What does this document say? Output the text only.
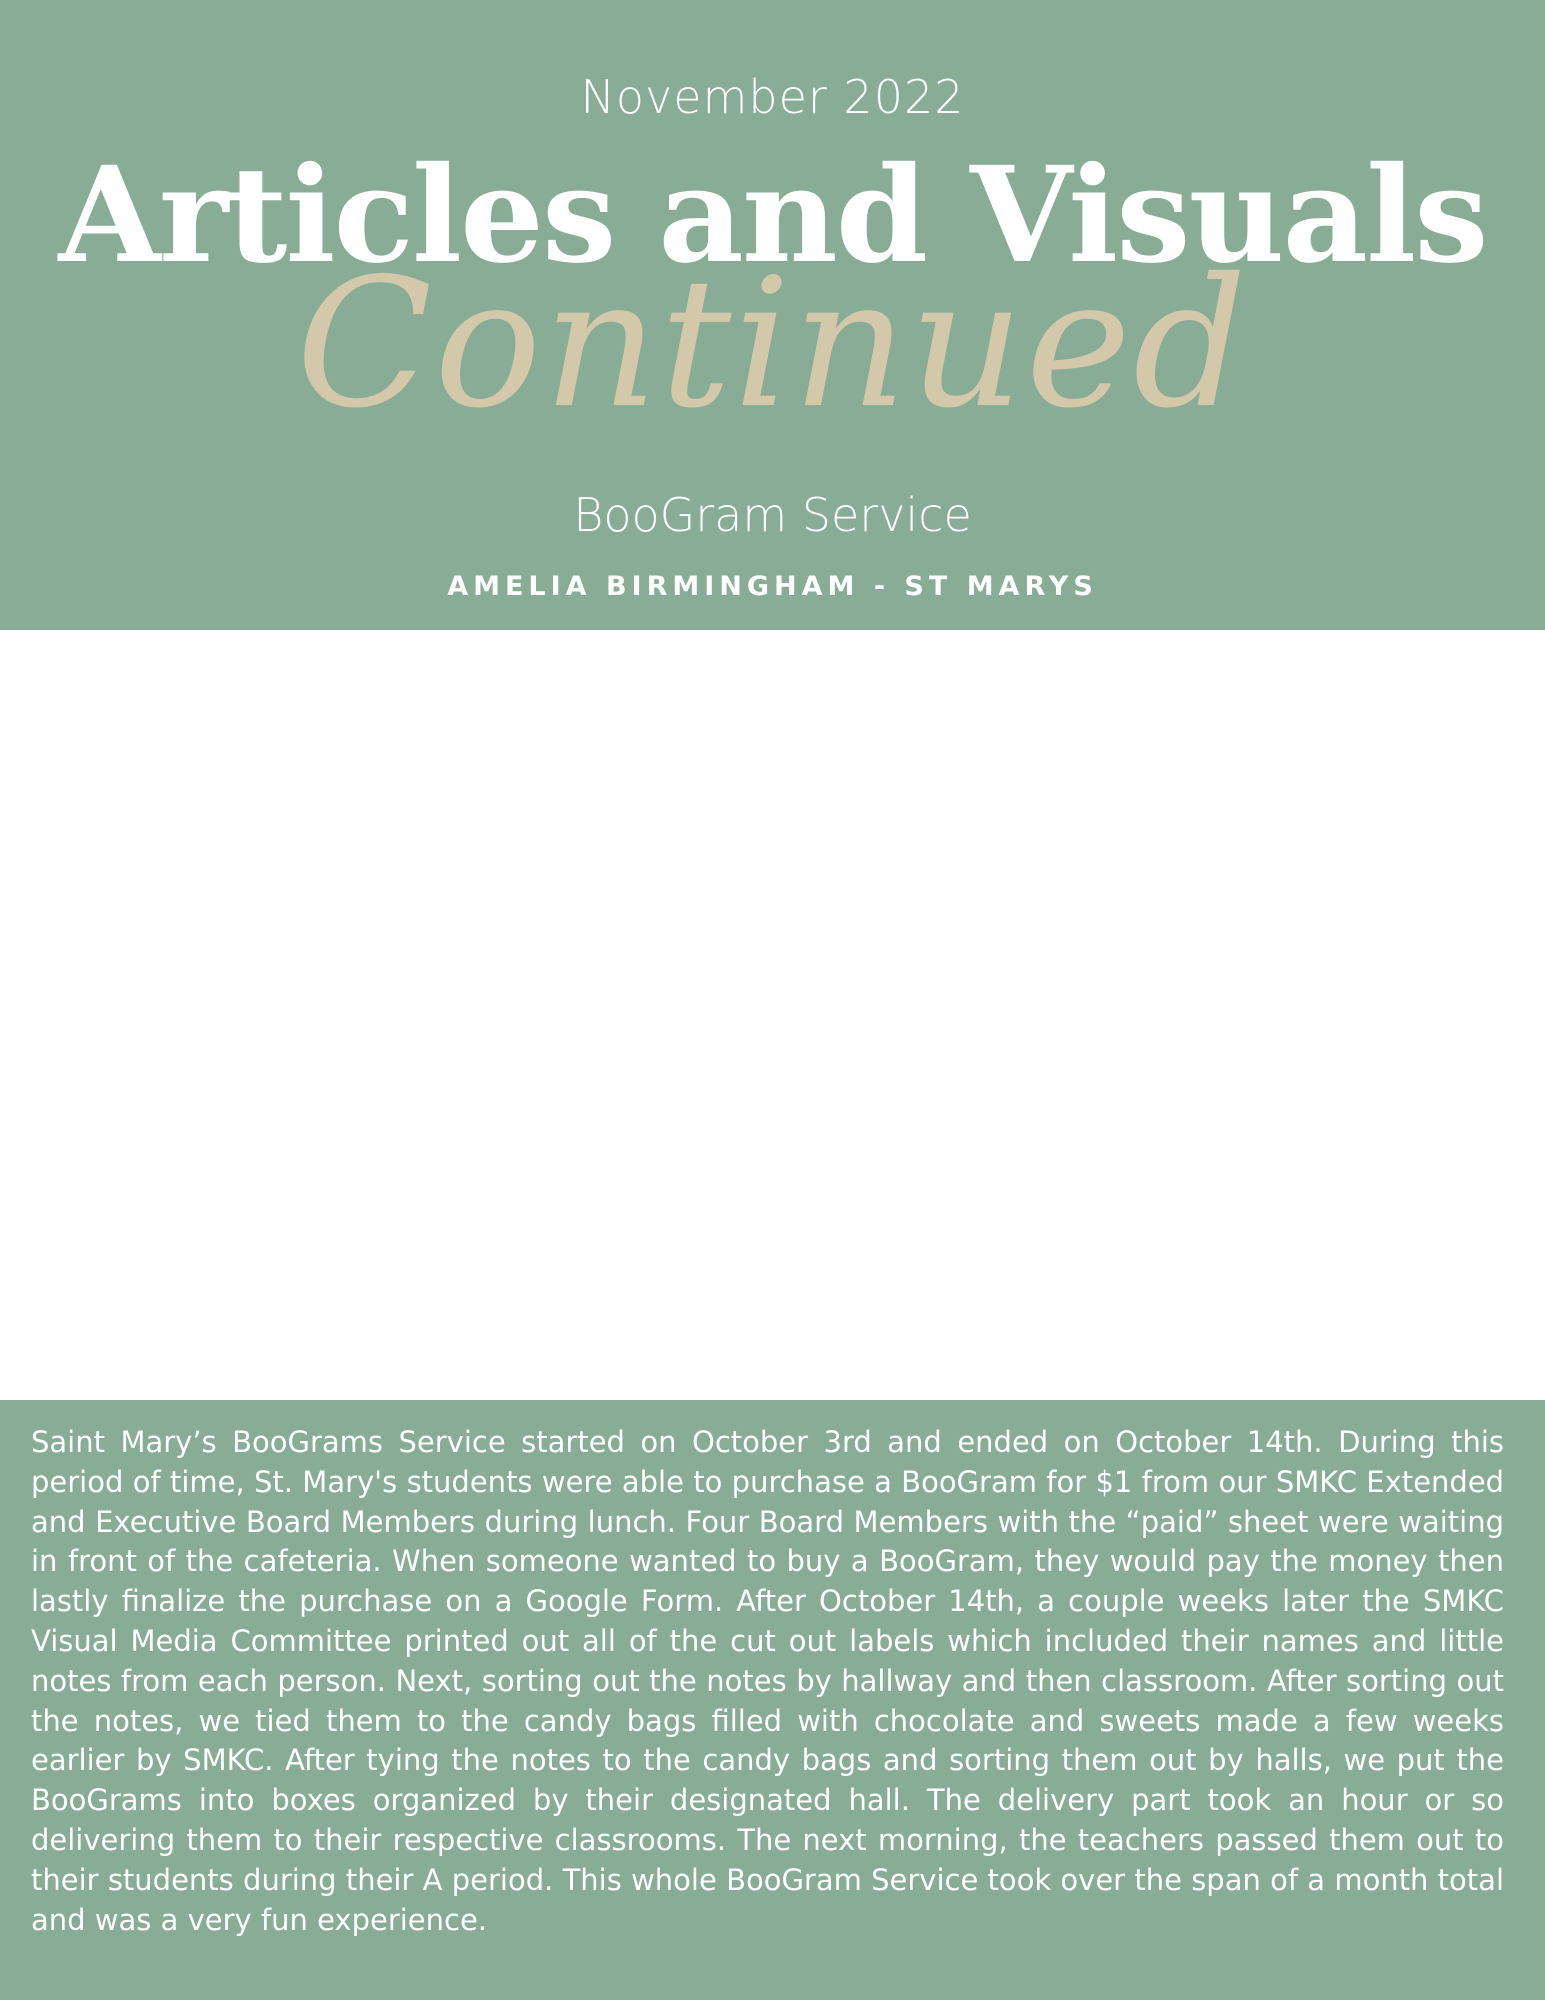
November 2022
Articles and Visuals
Continued
BooGram Service
AMELIA BIRMINGHAM - ST MARYS

Saint Mary’s BooGrams Service started on October 3rd and ended on October 14th. During this period of time, St. Mary's students were able to purchase a BooGram for $1 from our SMKC Extended and Executive Board Members during lunch. Four Board Members with the “paid” sheet were waiting in front of the cafeteria. When someone wanted to buy a BooGram, they would pay the money then lastly finalize the purchase on a Google Form. After October 14th, a couple weeks later the SMKC Visual Media Committee printed out all of the cut out labels which included their names and little notes from each person. Next, sorting out the notes by hallway and then classroom. After sorting out the notes, we tied them to the candy bags filled with chocolate and sweets made a few weeks earlier by SMKC. After tying the notes to the candy bags and sorting them out by halls, we put the BooGrams into boxes organized by their designated hall. The delivery part took an hour or so delivering them to their respective classrooms. The next morning, the teachers passed them out to their students during their A period. This whole BooGram Service took over the span of a month total and was a very fun experience.
